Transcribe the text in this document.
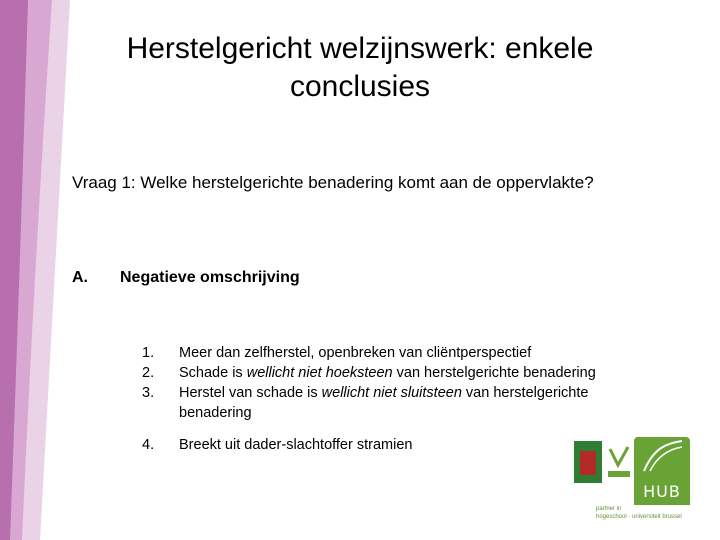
Herstelgericht welzijnswerk: enkele conclusies
Vraag 1: Welke herstelgerichte benadering komt aan de oppervlakte?
A. Negatieve omschrijving
1.	Meer dan zelfherstel, openbreken van cliëntperspectief
2.	Schade is wellicht niet hoeksteen van herstelgerichte benadering
3.	Herstel van schade is wellicht niet sluitsteen van herstelgerichte benadering
4.	Breekt uit dader-slachtoffer stramien
HUB
partner in
hogeschool · universiteit brussel
